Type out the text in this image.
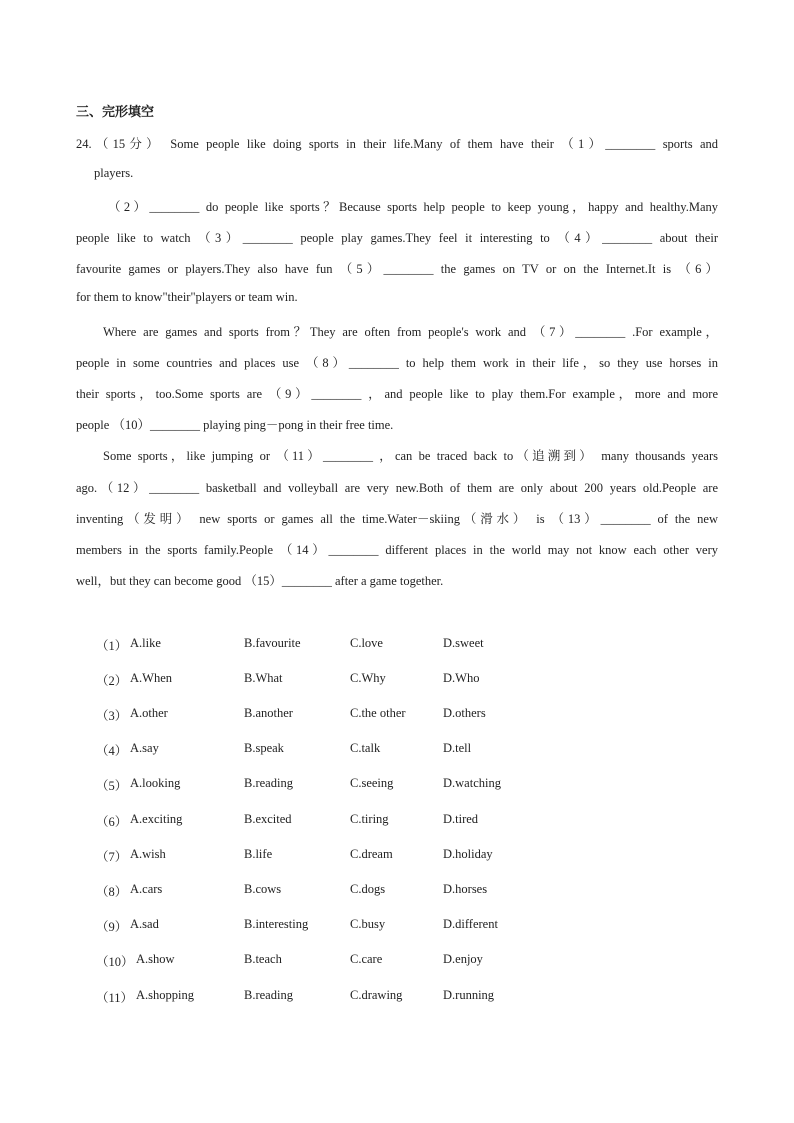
三、完形填空
24.（15分） Some people like doing sports in their life.Many of them have their （1）________ sports and
players.
（2）________ do people like sports？Because sports help people to keep young，happy and healthy.Many
people like to watch （3）________ people play games.They feel it interesting to （4）________ about their
favourite games or players.They also have fun （5）________ the games on TV or on the Internet.It is （6）
for them to know"their"players or team win.
Where are games and sports from？They are often from people's work and （7）________ .For example，
people in some countries and places use （8）________ to help them work in their life，so they use horses in
their sports，too.Some sports are （9）________ ，and people like to play them.For example，more and more
people （10）________ playing ping－pong in their free time.
Some sports，like jumping or （11）________ ，can be traced back to（追溯到） many thousands years
ago.（12）________ basketball and volleyball are very new.Both of them are only about 200 years old.People are
inventing（发明） new sports or games all the time.Water－skiing（滑水） is （13）________ of the new
members in the sports family.People （14）________ different places in the world may not know each other very
well，but they can become good （15）________ after a game together.
（1） A.like	B.favourite	C.love	D.sweet
（2） A.When	B.What	C.Why	D.Who
（3） A.other	B.another	C.the other	D.others
（4） A.say	B.speak	C.talk	D.tell
（5） A.looking	B.reading	C.seeing	D.watching
（6） A.exciting	B.excited	C.tiring	D.tired
（7） A.wish	B.life	C.dream	D.holiday
（8） A.cars	B.cows	C.dogs	D.horses
（9） A.sad	B.interesting	C.busy	D.different
（10） A.show	B.teach	C.care	D.enjoy
（11） A.shopping	B.reading	C.drawing	D.running
